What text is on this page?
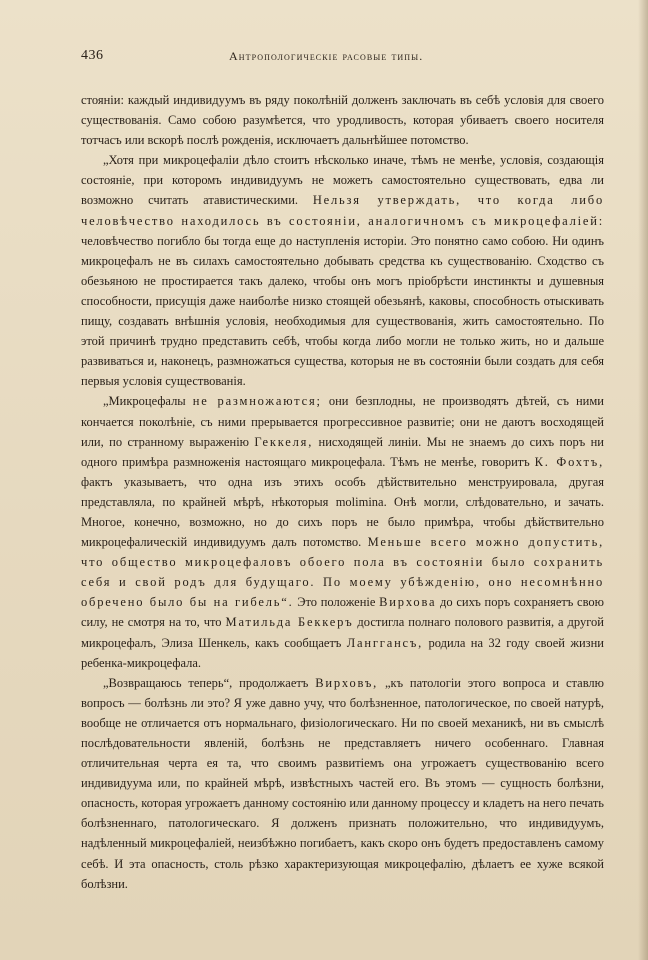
436	Антропологическіе расовые типы.

стояніи: каждый индивидуумъ въ ряду поколѣній долженъ заключать въ себѣ условія для своего существованія. Само собою разумѣется, что уродливость, которая убиваетъ своего носителя тотчасъ или вскорѣ послѣ рожденія, исключаетъ дальнѣйшее потомство.

„Хотя при микроцефаліи дѣло стоитъ нѣсколько иначе, тѣмъ не менѣе, условія, создающія состояніе, при которомъ индивидуумъ не можетъ самостоятельно существовать, едва ли возможно считать атавистическими. Нельзя утверждать, что когда либо человѣчество находилось въ состояніи, аналогичномъ съ микроцефаліей: человѣчество погибло бы тогда еще до наступленія исторіи. Это понятно само собою. Ни одинъ микроцефалъ не въ силахъ самостоятельно добывать средства къ существованію. Сходство съ обезьяною не простирается такъ далеко, чтобы онъ могъ пріобрѣсти инстинкты и душевныя способности, присущія даже наиболѣе низко стоящей обезьянѣ, каковы, способность отыскивать пищу, создавать внѣшнія условія, необходимыя для существованія, жить самостоятельно. По этой причинѣ трудно представить себѣ, чтобы когда либо могли не только жить, но и дальше развиваться и, наконецъ, размножаться существа, которыя не въ состояніи были создать для себя первыя условія существованія.

„Микроцефалы не размножаются; они безплодны, не производятъ дѣтей, съ ними кончается поколѣніе, съ ними прерывается прогрессивное развитіе; они не даютъ восходящей или, по странному выраженію Геккеля, нисходящей линіи. Мы не знаемъ до сихъ поръ ни одного примѣра размноженія настоящаго микроцефала. Тѣмъ не менѣе, говоритъ К. Фохтъ, фактъ указываетъ, что одна изъ этихъ особъ дѣйствительно менструировала, другая представляла, по крайней мѣрѣ, нѣкоторыя molimina. Онѣ могли, слѣдовательно, и зачать. Многое, конечно, возможно, но до сихъ поръ не было примѣра, чтобы дѣйствительно микроцефалическій индивидуумъ далъ потомство. Меньше всего можно допустить, что общество микроцефаловъ обоего пола въ состояніи было сохранить себя и свой родъ для будущаго. По моему убѣжденію, оно несомнѣнно обречено было бы на гибель“. Это положеніе Вирхова до сихъ поръ сохраняетъ свою силу, не смотря на то, что Матильда Беккеръ достигла полнаго полового развитія, а другой микроцефалъ, Элиза Шенкель, какъ сообщаетъ Ланггансъ, родила на 32 году своей жизни ребенка-микроцефала.

„Возвращаюсь теперь“, продолжаетъ Вирховъ, „къ патологіи этого вопроса и ставлю вопросъ — болѣзнь ли это? Я уже давно учу, что болѣзненное, патологическое, по своей натурѣ, вообще не отличается отъ нормальнаго, физіологическаго. Ни по своей механикѣ, ни въ смыслѣ послѣдовательности явленій, болѣзнь не представляетъ ничего особеннаго. Главная отличительная черта ея та, что своимъ развитіемъ она угрожаетъ существованію всего индивидуума или, по крайней мѣрѣ, извѣстныхъ частей его. Въ этомъ — сущность болѣзни, опасность, которая угрожаетъ данному состоянію или данному процессу и кладетъ на него печать болѣзненнаго, патологическаго. Я долженъ признать положительно, что индивидуумъ, надѣленный микроцефаліей, неизбѣжно погибаетъ, какъ скоро онъ будетъ предоставленъ самому себѣ. И эта опасность, столь рѣзко характеризующая микроцефалію, дѣлаетъ ее хуже всякой болѣзни.
